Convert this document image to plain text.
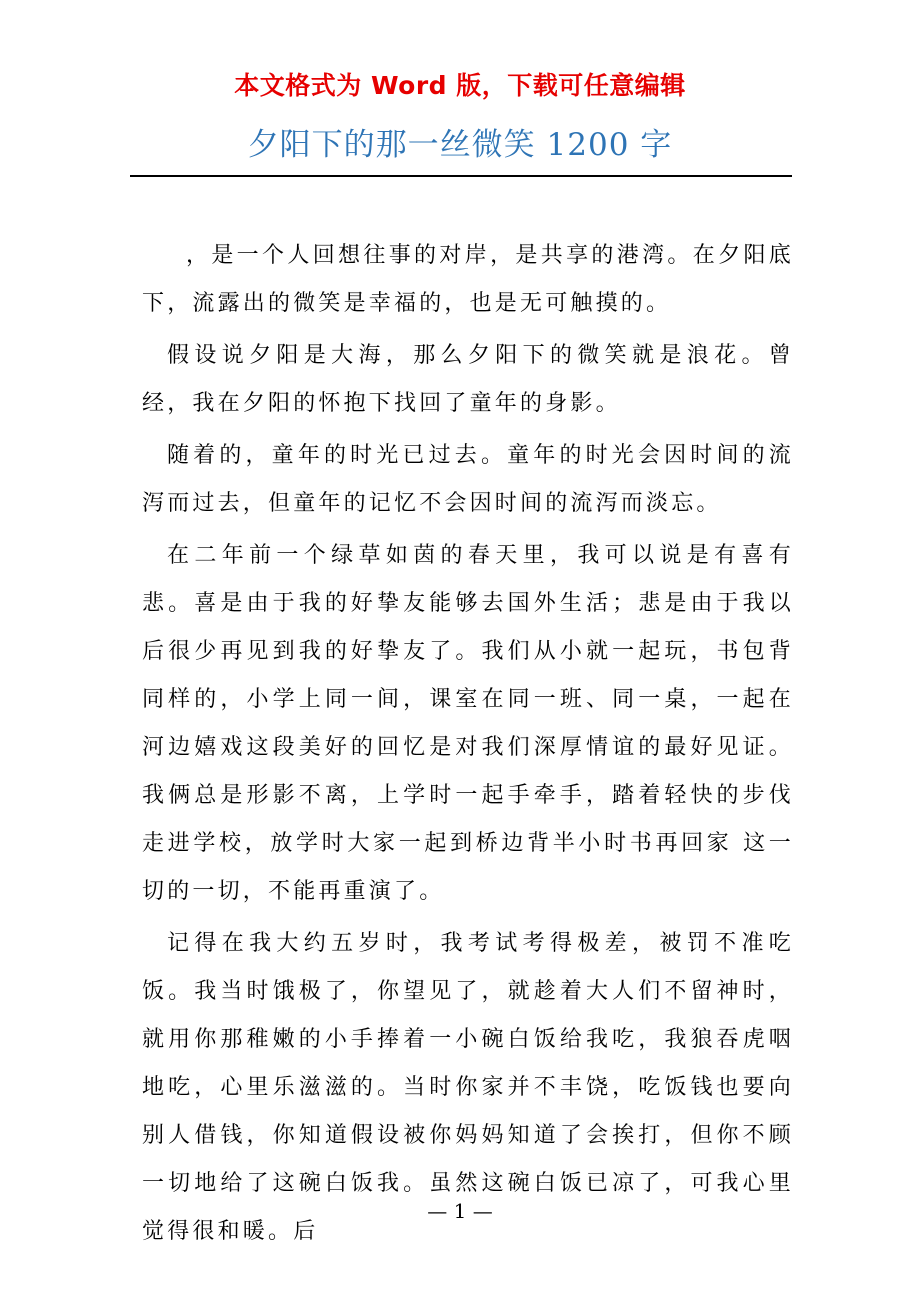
本文格式为 Word 版，下载可任意编辑
夕阳下的那一丝微笑 1200 字

，是一个人回想往事的对岸，是共享的港湾。在夕阳底下，流露出的微笑是幸福的，也是无可触摸的。

假设说夕阳是大海，那么夕阳下的微笑就是浪花。曾经，我在夕阳的怀抱下找回了童年的身影。

随着的，童年的时光已过去。童年的时光会因时间的流泻而过去，但童年的记忆不会因时间的流泻而淡忘。

在二年前一个绿草如茵的春天里，我可以说是有喜有悲。喜是由于我的好挚友能够去国外生活；悲是由于我以后很少再见到我的好挚友了。我们从小就一起玩，书包背同样的，小学上同一间，课室在同一班、同一桌，一起在河边嬉戏这段美好的回忆是对我们深厚情谊的最好见证。我俩总是形影不离，上学时一起手牵手，踏着轻快的步伐走进学校，放学时大家一起到桥边背半小时书再回家 这一切的一切，不能再重演了。

记得在我大约五岁时，我考试考得极差，被罚不准吃饭。我当时饿极了，你望见了，就趁着大人们不留神时，就用你那稚嫩的小手捧着一小碗白饭给我吃，我狼吞虎咽地吃，心里乐滋滋的。当时你家并不丰饶，吃饭钱也要向别人借钱，你知道假设被你妈妈知道了会挨打，但你不顾一切地给了这碗白饭我。虽然这碗白饭已凉了，可我心里觉得很和暖。后

— 1 —
